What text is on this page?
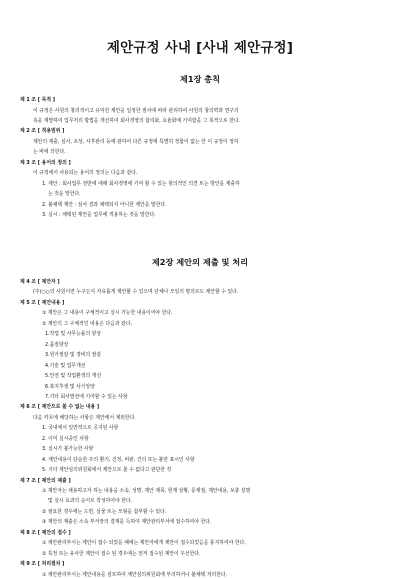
제안규정 사내 [사내 제안규정]
제1장 총칙

제 1 조 [ 목적 ]

이 규정은 사원의 창의적이고 유익한 제안을 일정한 절차에 따라 관리하여 사원의 창의력과 연구의

욕을 계발하여 업무처리 방법을 개선하여 회사경영의 합리화, 효율화에 기여함을 그 목적으로 한다.

제 2 조 [ 적용범위 ]

제안의 제출, 심사, 포상, 사후관리 등에 관하여 다른 규정에 특별히 정함이 없는 한 이 규정이 정하

는 바에 의한다.

제 3 조 [ 용어의 정의 ]

이 규정에서 사용되는 용어의 정의는 다음과 같다.

1. 제안 : 회사업무 전반에 대해 회사경영에 기여 할 수 있는 창의적인 의견 또는 방안을 제출하

는 것을 말한다.

2. 불채택 제안 : 심사 결과 채택되지 아니한 제안을 말한다.

3. 실시 : 채택된 제안을 업무에 적용하는 것을 말한다.

제2장 제안의 제출 및 처리

제 4 조 [ 제안자 ]

(주)○○의 사원이면 누구든지 자유롭게 제안할 수 있으며 단체나 모임의 명의로도 제안할 수 있다.

제 5 조 [ 제안내용 ]

① 제안은 그 내용이 구체적이고 실시 가능한 내용이어야 한다.

② 제안의 그 구체적인 내용은 다음과 같다.

1.작업 및 사무능률의 향상

2.품질향상

3.원가절감 및 경비의 절감

4.기술 및 업무개선

5.안전 및 작업환경의 개선

6.복지후생 및 사기앙양

7.기타 회사발전에 기여할 수 있는 사항

제 6 조 [ 제안으로 볼 수 없는 내용 ]

다음 각호에 해당하는 사항은 제안에서 제외한다.

1. 국내에서 일반적으로 공지된 사항

2. 이미 실시중인 사항

3. 실시가 불가능한 사항

4. 제안내용이 단순한 주의 환기, 진정, 비판, 건의 또는 불만 표시인 사항

5. 기타 제안심의위원회에서 제안으로 볼 수 없다고 판단한 것

제 7 조 [ 제안의 제출 ]

① 제안자는 채용하고자 하는 내용을 소속, 성명, 제안 제목, 현재 상황, 문제점, 제안내용, 보충 설명

및 실시 효과의 순서로 작성하여야 한다.

② 필요한 경우에는 도면, 실물 또는 모형을 첨부할 수 있다.

③ 제안의 제출은 소속 부서장의 결재를 득하여 제안관리부서에 접수하여야 한다.

제 8 조 [ 제안의 접수 ]

① 제안관리부서는 제안이 접수 되었을 때에는 제안자에게 제안이 접수되었음을 통지하여야 한다.

② 특정 또는 유사한 제안이 접수 된 경우에는 먼저 접수된 제안이 우선한다.

제 9 조 [ 처리절차 ]

① 제안관리부서는 제안내용을 검토하여 제안심의위원회에 부의하거나 불채택 처리한다.
